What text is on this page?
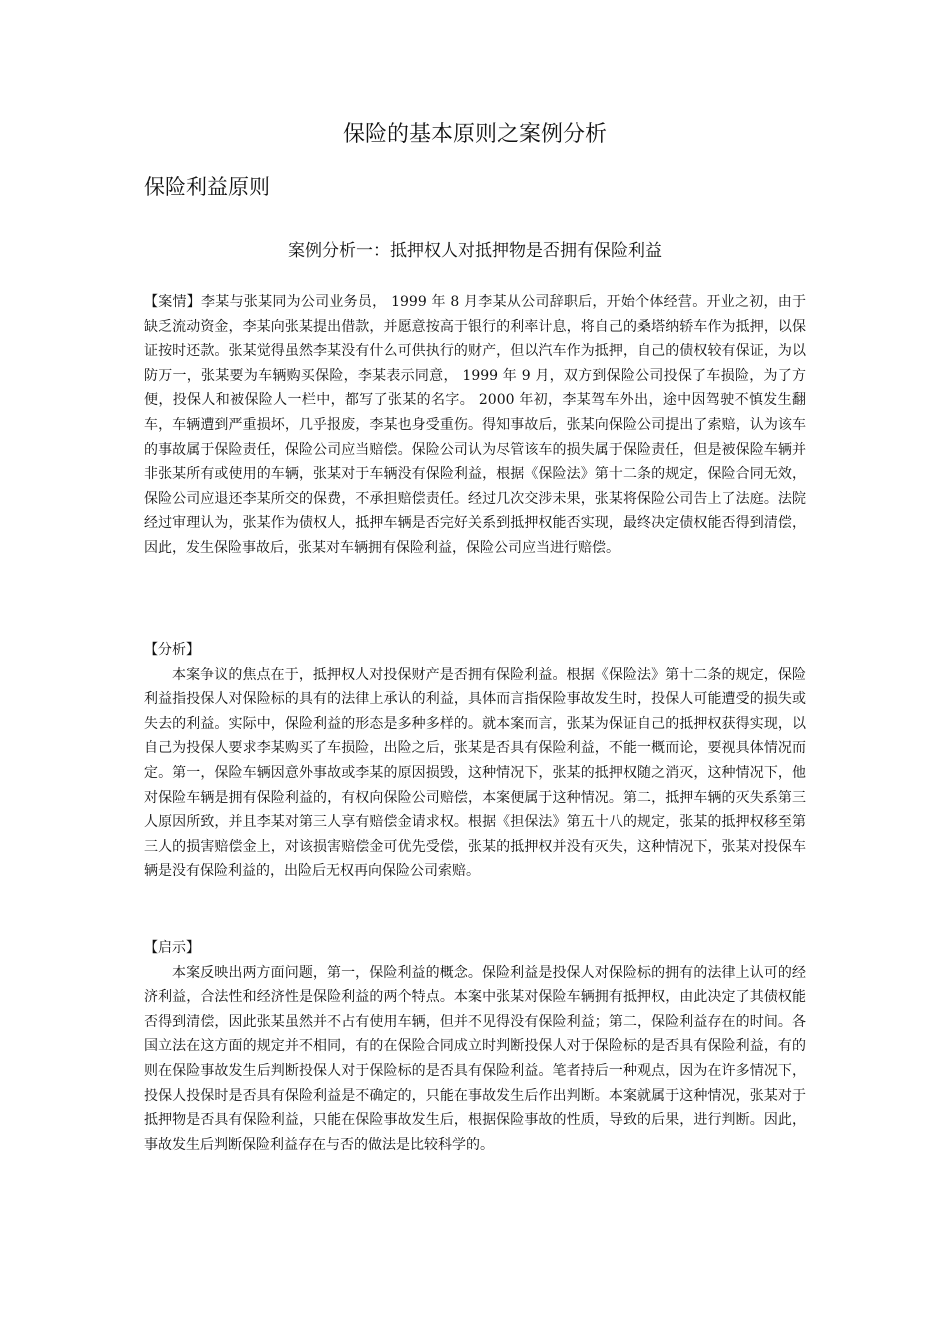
保险的基本原则之案例分析
保险利益原则
案例分析一：抵押权人对抵押物是否拥有保险利益

【案情】李某与张某同为公司业务员， 1999 年 8 月李某从公司辞职后，开始个体经营。开业之初，由于缺乏流动资金，李某向张某提出借款，并愿意按高于银行的利率计息，将自己的桑塔纳轿车作为抵押，以保证按时还款。张某觉得虽然李某没有什么可供执行的财产，但以汽车作为抵押，自己的债权较有保证，为以防万一，张某要为车辆购买保险，李某表示同意， 1999 年 9 月，双方到保险公司投保了车损险，为了方便，投保人和被保险人一栏中，都写了张某的名字。 2000 年初，李某驾车外出，途中因驾驶不慎发生翻车，车辆遭到严重损坏，几乎报废，李某也身受重伤。得知事故后，张某向保险公司提出了索赔，认为该车的事故属于保险责任，保险公司应当赔偿。保险公司认为尽管该车的损失属于保险责任，但是被保险车辆并非张某所有或使用的车辆，张某对于车辆没有保险利益，根据《保险法》第十二条的规定，保险合同无效，保险公司应退还李某所交的保费，不承担赔偿责任。经过几次交涉未果，张某将保险公司告上了法庭。法院经过审理认为，张某作为债权人，抵押车辆是否完好关系到抵押权能否实现，最终决定债权能否得到清偿，因此，发生保险事故后，张某对车辆拥有保险利益，保险公司应当进行赔偿。

【分析】

本案争议的焦点在于，抵押权人对投保财产是否拥有保险利益。根据《保险法》第十二条的规定，保险利益指投保人对保险标的具有的法律上承认的利益，具体而言指保险事故发生时，投保人可能遭受的损失或失去的利益。实际中，保险利益的形态是多种多样的。就本案而言，张某为保证自己的抵押权获得实现，以自己为投保人要求李某购买了车损险，出险之后，张某是否具有保险利益，不能一概而论，要视具体情况而定。第一，保险车辆因意外事故或李某的原因损毁，这种情况下，张某的抵押权随之消灭，这种情况下，他对保险车辆是拥有保险利益的，有权向保险公司赔偿，本案便属于这种情况。第二，抵押车辆的灭失系第三人原因所致，并且李某对第三人享有赔偿金请求权。根据《担保法》第五十八的规定，张某的抵押权移至第三人的损害赔偿金上，对该损害赔偿金可优先受偿，张某的抵押权并没有灭失，这种情况下，张某对投保车辆是没有保险利益的，出险后无权再向保险公司索赔。

【启示】

本案反映出两方面问题，第一，保险利益的概念。保险利益是投保人对保险标的拥有的法律上认可的经济利益，合法性和经济性是保险利益的两个特点。本案中张某对保险车辆拥有抵押权，由此决定了其债权能否得到清偿，因此张某虽然并不占有使用车辆，但并不见得没有保险利益；第二，保险利益存在的时间。各国立法在这方面的规定并不相同，有的在保险合同成立时判断投保人对于保险标的是否具有保险利益，有的则在保险事故发生后判断投保人对于保险标的是否具有保险利益。笔者持后一种观点，因为在许多情况下，投保人投保时是否具有保险利益是不确定的，只能在事故发生后作出判断。本案就属于这种情况，张某对于抵押物是否具有保险利益，只能在保险事故发生后，根据保险事故的性质，导致的后果，进行判断。因此，事故发生后判断保险利益存在与否的做法是比较科学的。
